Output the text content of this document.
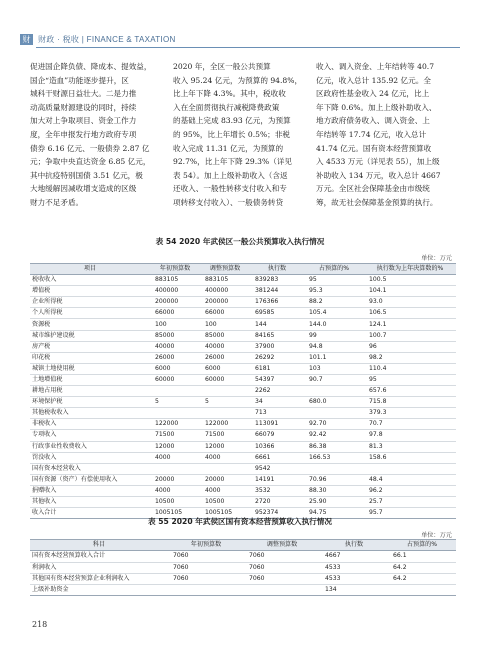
财 财政 · 税收 | FINANCE & TAXATION
促进国企降负债、降成本、提效益，
国企“造血”功能逐步提升，区
城科干财源日益壮大。二是力推
动高质量财源建设的同时，持续
加大对上争取项目、资金工作力
度，全年申报发行地方政府专项
债券 6.16 亿元、一般债券 2.87 亿
元；争取中央直达资金 6.85 亿元，
其中抗疫特别国债 3.51 亿元，极
大地缓解因减收增支造成的区级
财力不足矛盾。
2020 年，全区一般公共预算
收入 95.24 亿元，为预算的 94.8%，
比上年下降 4.3%。其中，税收收
入在全面贯彻执行减税降费政策
的基础上完成 83.93 亿元，为预算
的 95%，比上年增长 0.5%；非税
收入完成 11.31 亿元，为预算的
92.7%，比上年下降 29.3%（详见
表 54）。加上上级补助收入（含返
还收入、一般性转移支付收入和专
项转移支付收入）、一般债务转贷
收入、调入资金、上年结转等 40.7
亿元，收入总计 135.92 亿元。全
区政府性基金收入 24 亿元，比上
年下降 0.6%。加上上级补助收入、
地方政府债务收入、调入资金、上
年结转等 17.74 亿元，收入总计
41.74 亿元。国有资本经营预算收
入 4533 万元（详见表 55），加上级
补助收入 134 万元，收入总计 4667
万元。全区社会保障基金由市级统
筹，故无社会保障基金预算的执行。
表 54 2020 年武侯区一般公共预算收入执行情况
单位：万元
项目	年初预算数	调整预算数	执行数	占预算的%	执行数为上年决算数的%
税收收入	883105	883105	839283	95	100.5
增值税	400000	400000	381244	95.3	104.1
企业所得税	200000	200000	176366	88.2	93.0
个人所得税	66000	66000	69585	105.4	106.5
资源税	100	100	144	144.0	124.1
城市维护建设税	85000	85000	84165	99	100.7
房产税	40000	40000	37900	94.8	96
印花税	26000	26000	26292	101.1	98.2
城镇土地使用税	6000	6000	6181	103	110.4
土地增值税	60000	60000	54397	90.7	95
耕地占用税			2262		657.6
环境保护税	5	5	34	680.0	715.8
其他税收收入			713		379.3
非税收入	122000	122000	113091	92.70	70.7
专项收入	71500	71500	66079	92.42	97.8
行政事业性收费收入	12000	12000	10366	86.38	81.3
罚没收入	4000	4000	6661	166.53	158.6
国有资本经营收入			9542		
国有资源（资产）有偿使用收入	20000	20000	14191	70.96	48.4
捐赠收入	4000	4000	3532	88.30	96.2
其他收入	10500	10500	2720	25.90	25.7
收入合计	1005105	1005105	952374	94.75	95.7
表 55 2020 年武侯区国有资本经营预算收入执行情况
单位：万元
科目	年初预算数	调整预算数	执行数	占预算的%
国有资本经营预算收入合计	7060	7060	4667	66.1
利润收入	7060	7060	4533	64.2
其他国有资本经营预算企业利润收入	7060	7060	4533	64.2
上级补助资金			134	
218
